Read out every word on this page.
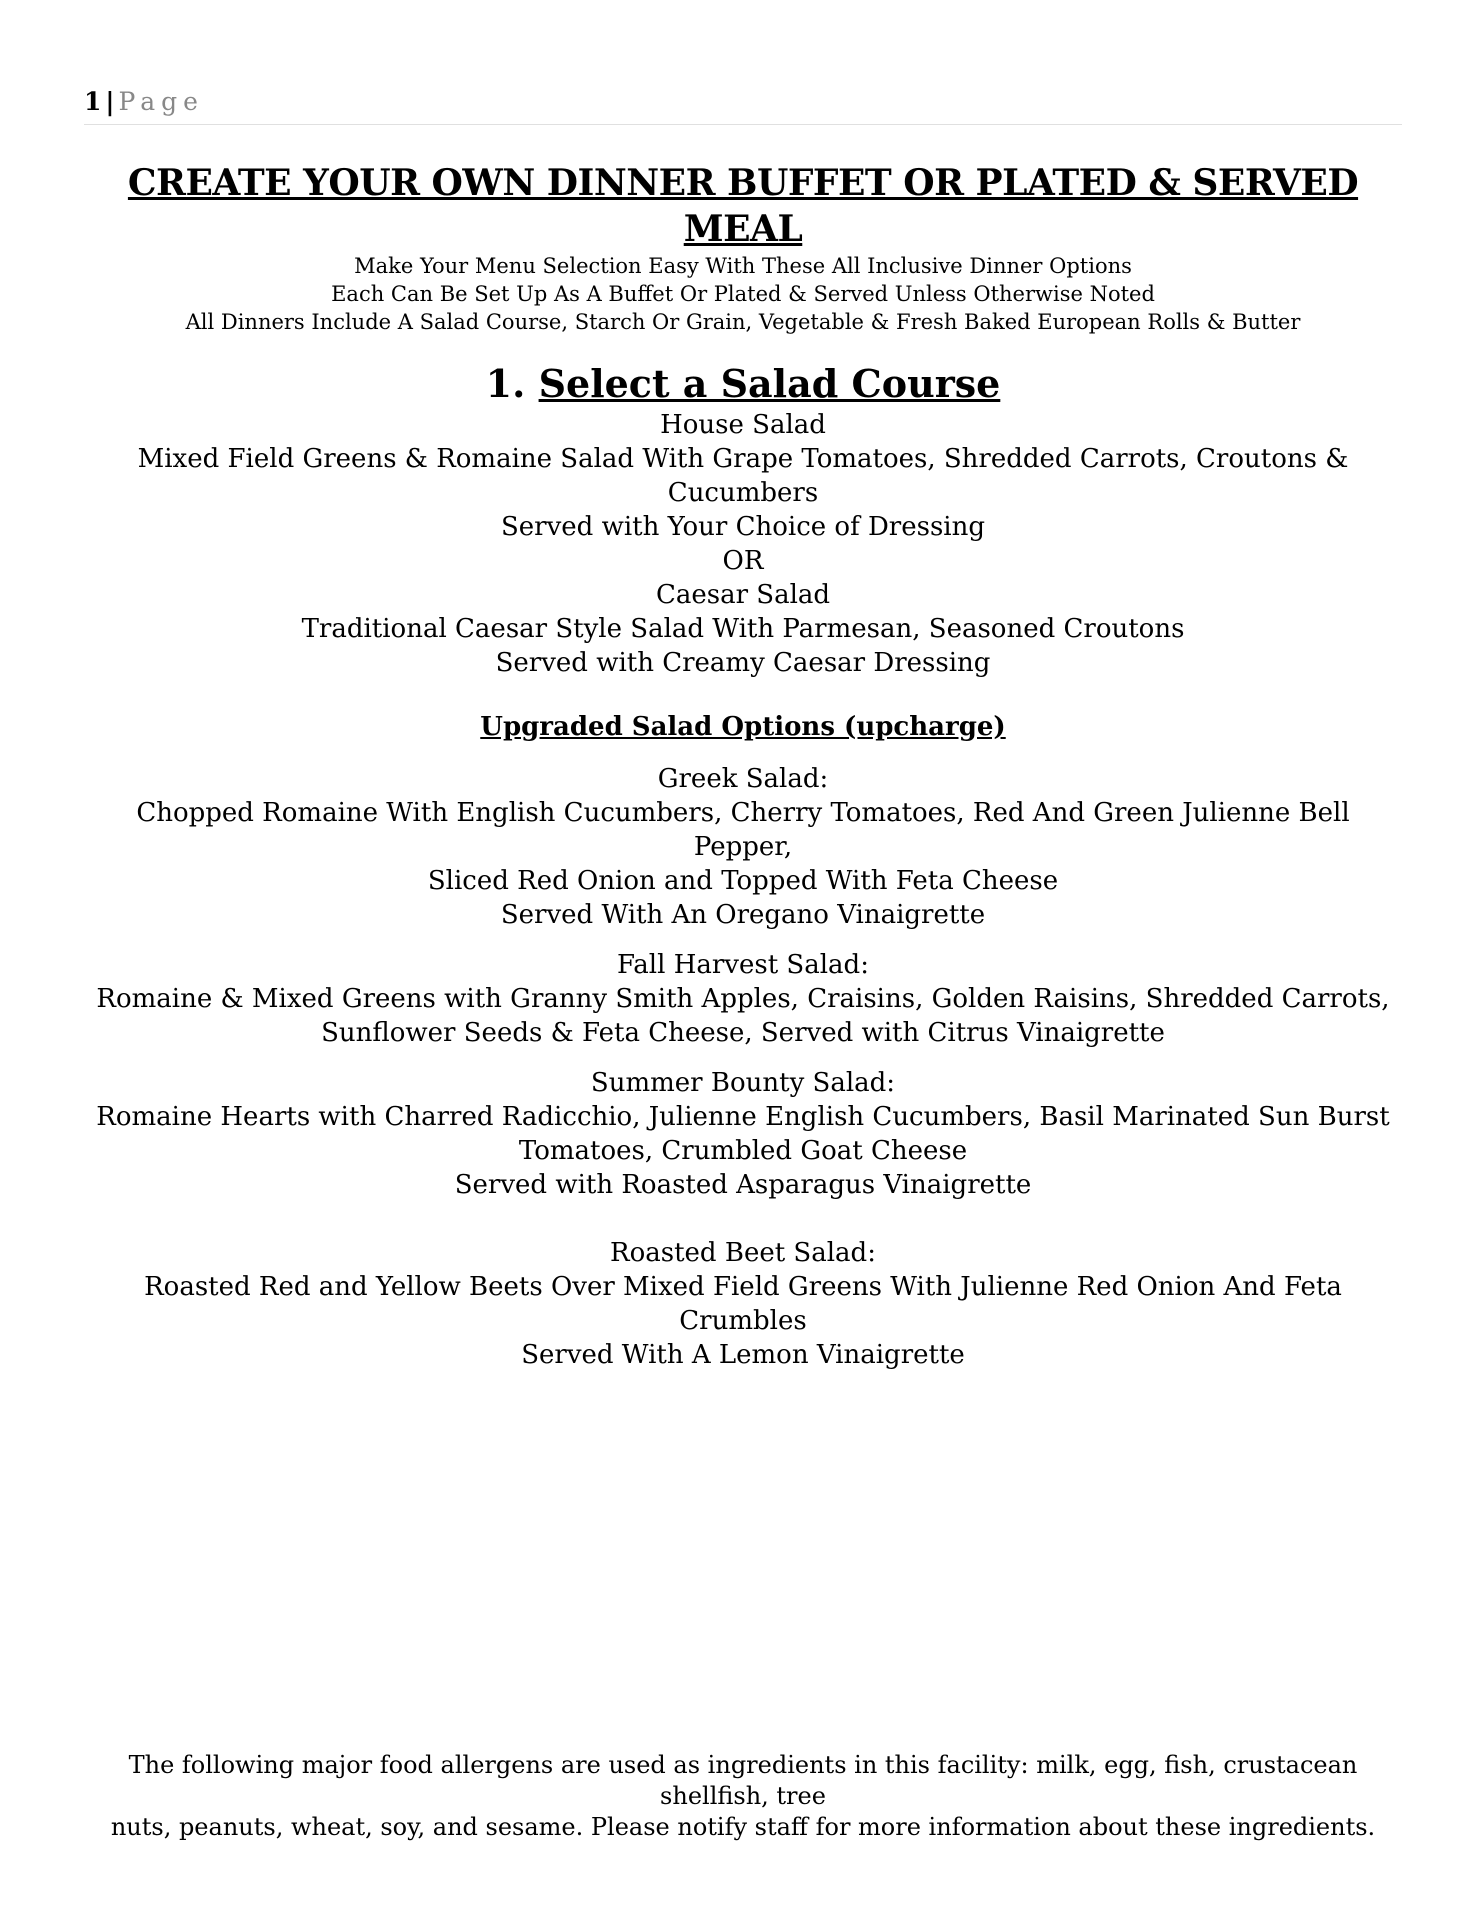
1 | Page
CREATE YOUR OWN DINNER BUFFET OR PLATED & SERVED MEAL

Make Your Menu Selection Easy With These All Inclusive Dinner Options

Each Can Be Set Up As A Buffet Or Plated & Served Unless Otherwise Noted

All Dinners Include A Salad Course, Starch Or Grain, Vegetable & Fresh Baked European Rolls & Butter

1. Select a Salad Course

House Salad

Mixed Field Greens & Romaine Salad With Grape Tomatoes, Shredded Carrots, Croutons & Cucumbers

Served with Your Choice of Dressing

OR

Caesar Salad

Traditional Caesar Style Salad With Parmesan, Seasoned Croutons

Served with Creamy Caesar Dressing

Upgraded Salad Options (upcharge)

Greek Salad:

Chopped Romaine With English Cucumbers, Cherry Tomatoes, Red And Green Julienne Bell Pepper,

Sliced Red Onion and Topped With Feta Cheese

Served With An Oregano Vinaigrette

Fall Harvest Salad:

Romaine & Mixed Greens with Granny Smith Apples, Craisins, Golden Raisins, Shredded Carrots,

Sunflower Seeds & Feta Cheese, Served with Citrus Vinaigrette

Summer Bounty Salad:

Romaine Hearts with Charred Radicchio, Julienne English Cucumbers, Basil Marinated Sun Burst

Tomatoes, Crumbled Goat Cheese

Served with Roasted Asparagus Vinaigrette

Roasted Beet Salad:

Roasted Red and Yellow Beets Over Mixed Field Greens With Julienne Red Onion And Feta Crumbles

Served With A Lemon Vinaigrette

The following major food allergens are used as ingredients in this facility: milk, egg, fish, crustacean shellfish, tree
nuts, peanuts, wheat, soy, and sesame. Please notify staff for more information about these ingredients.
